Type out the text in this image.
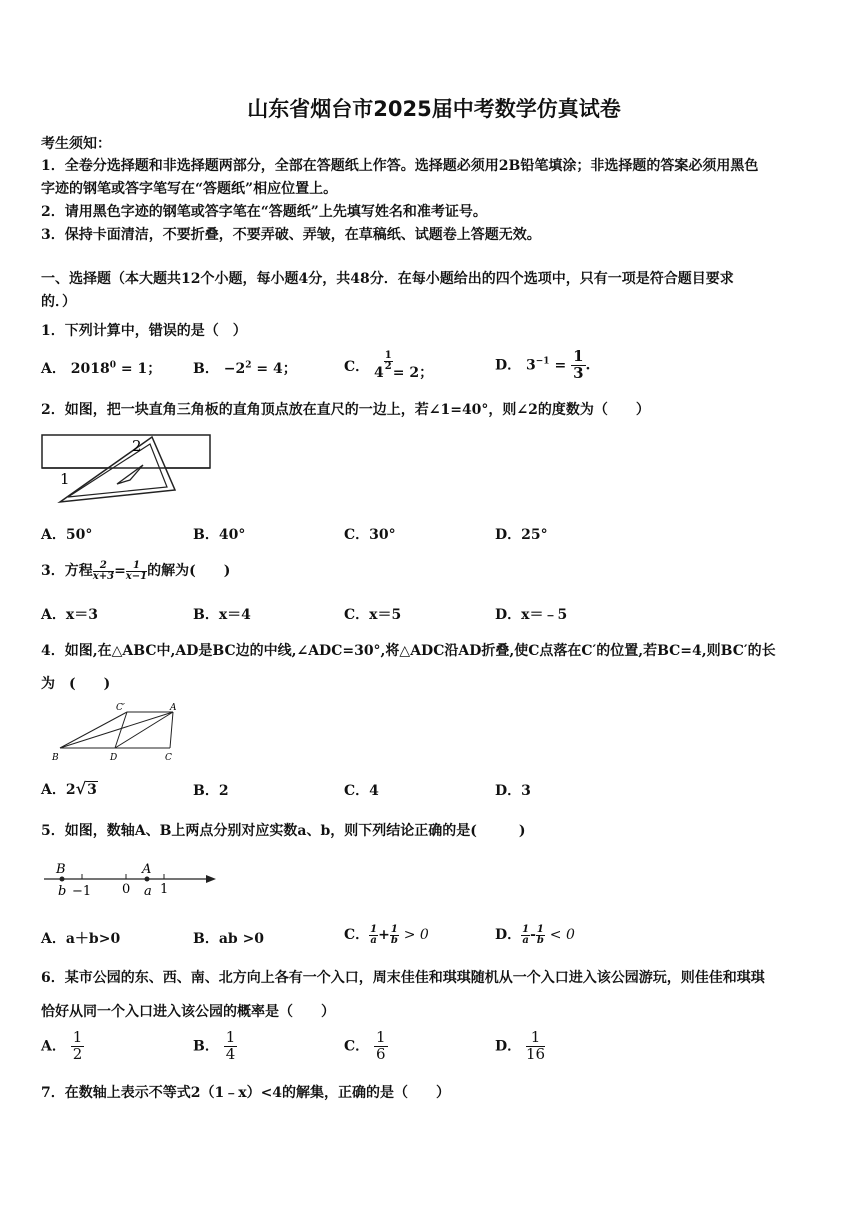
山东省烟台市2025届中考数学仿真试卷
考生须知：
1．全卷分选择题和非选择题两部分，全部在答题纸上作答。选择题必须用2B铅笔填涂；非选择题的答案必须用黑色
字迹的钢笔或答字笔写在“答题纸”相应位置上。
2．请用黑色字迹的钢笔或答字笔在“答题纸”上先填写姓名和准考证号。
3．保持卡面清洁，不要折叠，不要弄破、弄皱，在草稿纸、试题卷上答题无效。
一、选择题（本大题共12个小题，每小题4分，共48分．在每小题给出的四个选项中，只有一项是符合题目要求
的．）
1．下列计算中，错误的是（　）
A． $2018^0 = 1$； B． $-2^2 = 4$；	C． 4
$\frac{1}{2}$
= 2；	D． $3^{-1} = \frac{1}{3}$ .
2．如图，把一块直角三角板的直角顶点放在直尺的一边上，若∠1=40°，则∠2的度数为（　　）
2
1
A．50°	B．40°	C．30°	D．25°
3．方程 $\frac{2}{x+3} = \frac{1}{x-1}$ 的解为(　　)
A．x＝3	B．x＝4	C．x＝5	D．x＝﹣5
4．如图,在△ABC中,AD是BC边的中线,∠ADC=30°,将△ADC沿AD折叠,使C点落在C′的位置,若BC=4,则BC′的长
为　(　　)
C′	A
B	D	C
A．2√3	B．2	C．4	D．3
5．如图，数轴A、B上两点分别对应实数a、b，则下列结论正确的是(　　　)
B	A
b −1 0 a 1
A．a＋b>0	B．ab >0	C． $\frac{1}{a} + \frac{1}{b} > 0$	D． $\frac{1}{a} - \frac{1}{b} < 0$
6．某市公园的东、西、南、北方向上各有一个入口，周末佳佳和琪琪随机从一个入口进入该公园游玩，则佳佳和琪琪
恰好从同一个入口进入该公园的概率是（　　）
A． $\frac{1}{2}$	B． $\frac{1}{4}$	C． $\frac{1}{6}$	D． $\frac{1}{16}$
7．在数轴上表示不等式2（1﹣x）<4的解集，正确的是（　　）
